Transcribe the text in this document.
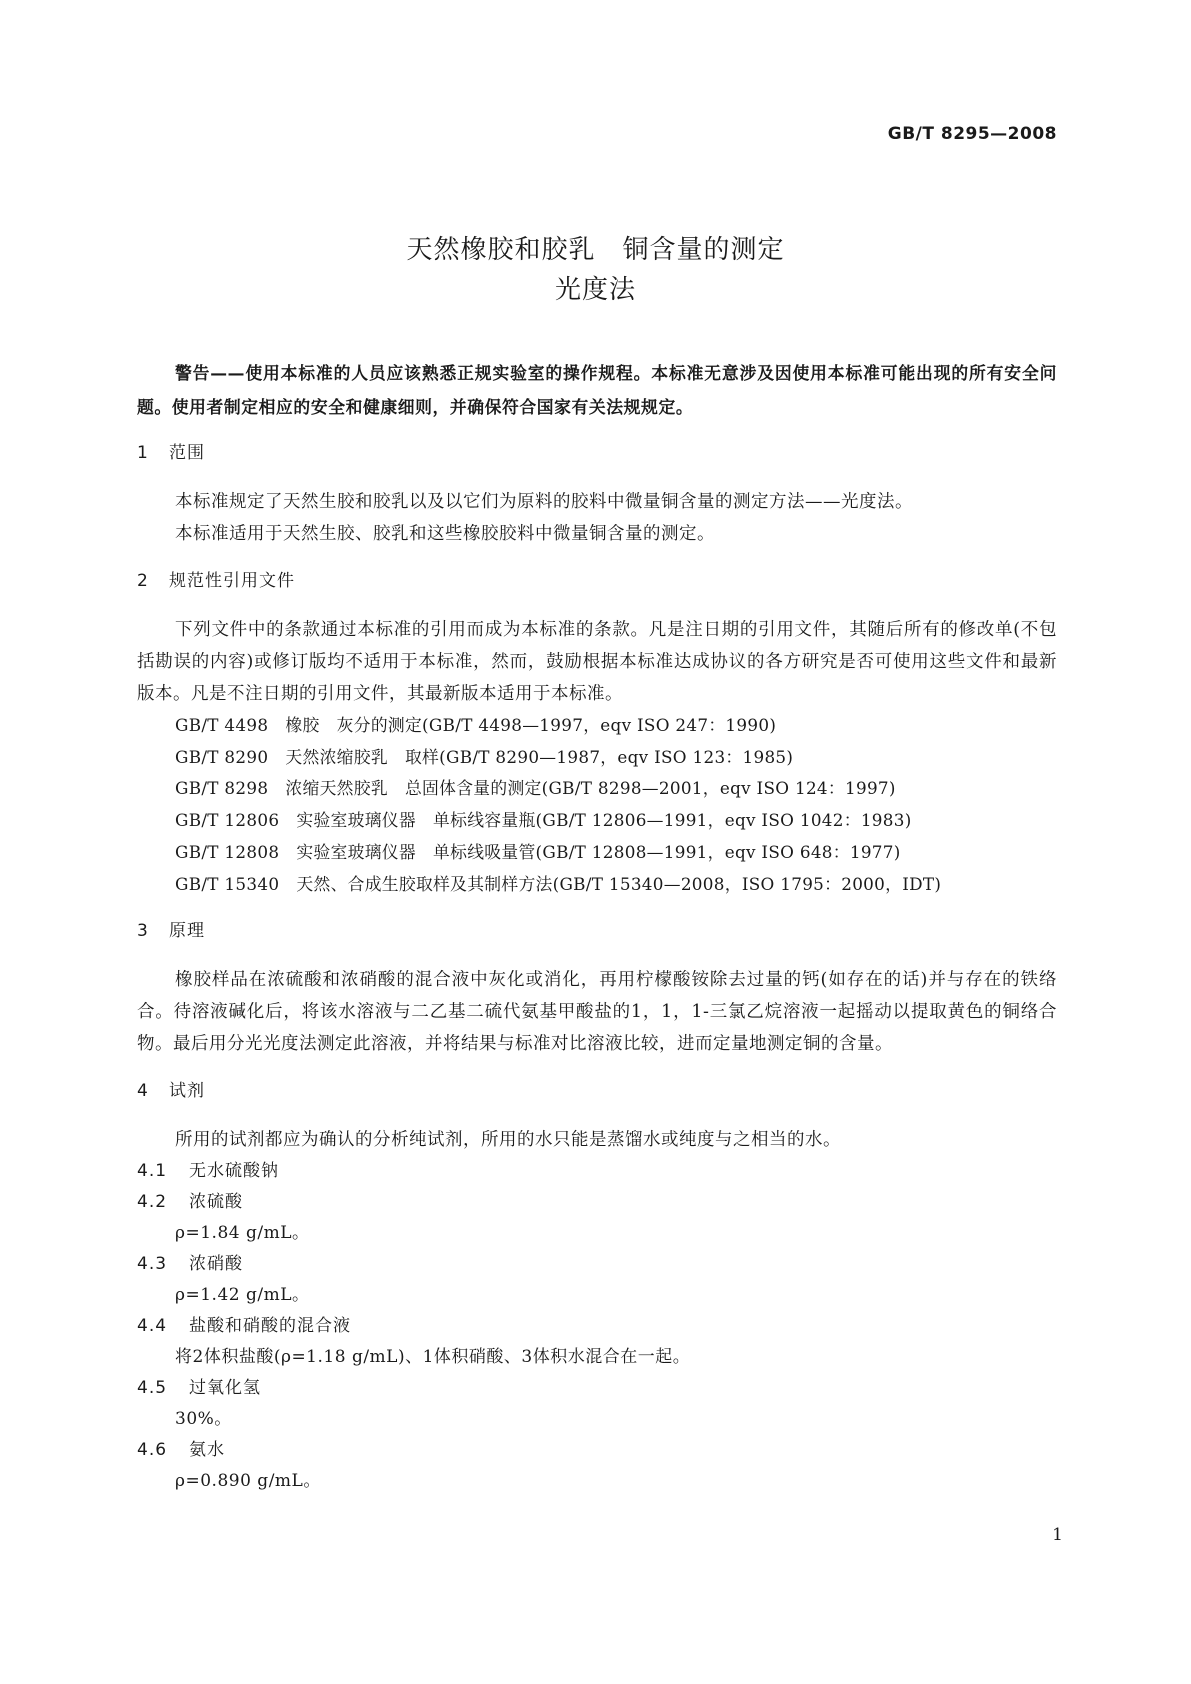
GB/T 8295—2008
天然橡胶和胶乳　铜含量的测定
光度法

警告——使用本标准的人员应该熟悉正规实验室的操作规程。本标准无意涉及因使用本标准可能出现的所有安全问题。使用者制定相应的安全和健康细则，并确保符合国家有关法规规定。

1 范围

本标准规定了天然生胶和胶乳以及以它们为原料的胶料中微量铜含量的测定方法——光度法。

本标准适用于天然生胶、胶乳和这些橡胶胶料中微量铜含量的测定。

2 规范性引用文件

下列文件中的条款通过本标准的引用而成为本标准的条款。凡是注日期的引用文件，其随后所有的修改单(不包括勘误的内容)或修订版均不适用于本标准，然而，鼓励根据本标准达成协议的各方研究是否可使用这些文件和最新版本。凡是不注日期的引用文件，其最新版本适用于本标准。

GB/T 4498　橡胶　灰分的测定(GB/T 4498—1997，eqv ISO 247：1990)
GB/T 8290　天然浓缩胶乳　取样(GB/T 8290—1987，eqv ISO 123：1985)
GB/T 8298　浓缩天然胶乳　总固体含量的测定(GB/T 8298—2001，eqv ISO 124：1997)
GB/T 12806　实验室玻璃仪器　单标线容量瓶(GB/T 12806—1991，eqv ISO 1042：1983)
GB/T 12808　实验室玻璃仪器　单标线吸量管(GB/T 12808—1991，eqv ISO 648：1977)
GB/T 15340　天然、合成生胶取样及其制样方法(GB/T 15340—2008，ISO 1795：2000，IDT)
3 原理

橡胶样品在浓硫酸和浓硝酸的混合液中灰化或消化，再用柠檬酸铵除去过量的钙(如存在的话)并与存在的铁络合。待溶液碱化后，将该水溶液与二乙基二硫代氨基甲酸盐的1，1，1-三氯乙烷溶液一起摇动以提取黄色的铜络合物。最后用分光光度法测定此溶液，并将结果与标准对比溶液比较，进而定量地测定铜的含量。

4 试剂

所用的试剂都应为确认的分析纯试剂，所用的水只能是蒸馏水或纯度与之相当的水。

4.1 无水硫酸钠
4.2 浓硫酸

ρ=1.84 g/mL。

4.3 浓硝酸

ρ=1.42 g/mL。

4.4 盐酸和硝酸的混合液

将2体积盐酸(ρ=1.18 g/mL)、1体积硝酸、3体积水混合在一起。

4.5 过氧化氢

30%。

4.6 氨水

ρ=0.890 g/mL。

1
